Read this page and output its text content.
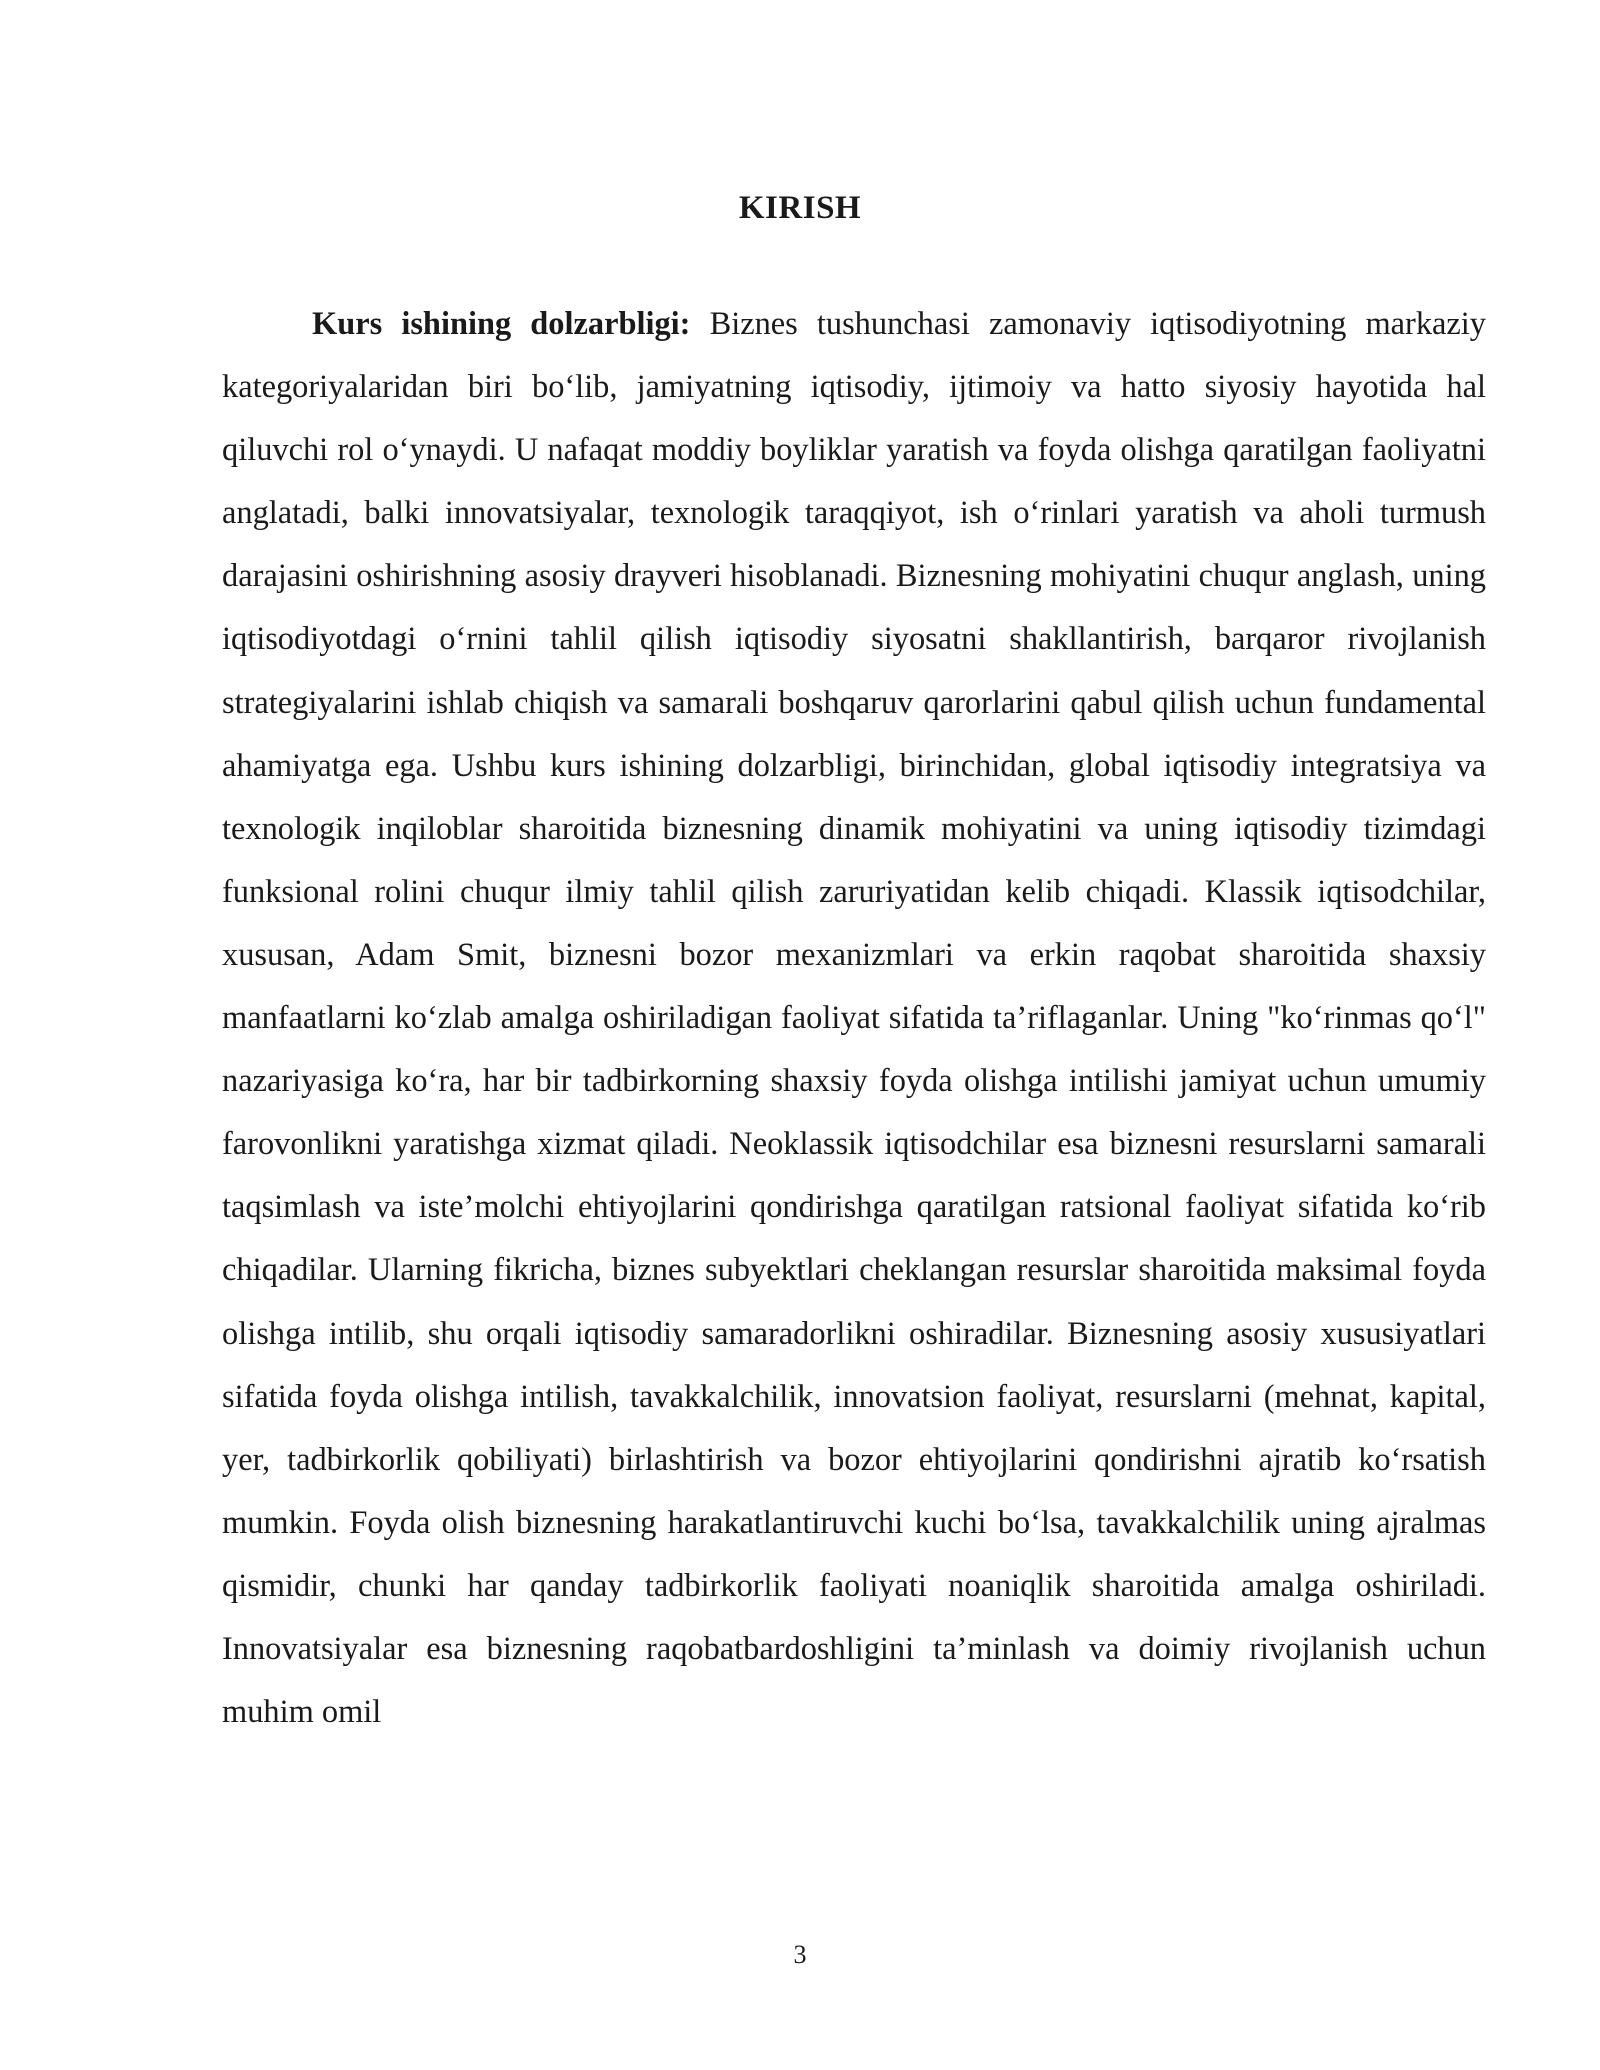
KIRISH

Kurs ishining dolzarbligi: Biznes tushunchasi zamonaviy iqtisodiyotning markaziy kategoriyalaridan biri bo‘lib, jamiyatning iqtisodiy, ijtimoiy va hatto siyosiy hayotida hal qiluvchi rol o‘ynaydi. U nafaqat moddiy boyliklar yaratish va foyda olishga qaratilgan faoliyatni anglatadi, balki innovatsiyalar, texnologik taraqqiyot, ish o‘rinlari yaratish va aholi turmush darajasini oshirishning asosiy drayveri hisoblanadi. Biznesning mohiyatini chuqur anglash, uning iqtisodiyotdagi o‘rnini tahlil qilish iqtisodiy siyosatni shakllantirish, barqaror rivojlanish strategiyalarini ishlab chiqish va samarali boshqaruv qarorlarini qabul qilish uchun fundamental ahamiyatga ega. Ushbu kurs ishining dolzarbligi, birinchidan, global iqtisodiy integratsiya va texnologik inqiloblar sharoitida biznesning dinamik mohiyatini va uning iqtisodiy tizimdagi funksional rolini chuqur ilmiy tahlil qilish zaruriyatidan kelib chiqadi. Klassik iqtisodchilar, xususan, Adam Smit, biznesni bozor mexanizmlari va erkin raqobat sharoitida shaxsiy manfaatlarni ko‘zlab amalga oshiriladigan faoliyat sifatida ta’riflaganlar. Uning "ko‘rinmas qo‘l" nazariyasiga ko‘ra, har bir tadbirkorning shaxsiy foyda olishga intilishi jamiyat uchun umumiy farovonlikni yaratishga xizmat qiladi. Neoklassik iqtisodchilar esa biznesni resurslarni samarali taqsimlash va iste’molchi ehtiyojlarini qondirishga qaratilgan ratsional faoliyat sifatida ko‘rib chiqadilar. Ularning fikricha, biznes subyektlari cheklangan resurslar sharoitida maksimal foyda olishga intilib, shu orqali iqtisodiy samaradorlikni oshiradilar. Biznesning asosiy xususiyatlari sifatida foyda olishga intilish, tavakkalchilik, innovatsion faoliyat, resurslarni (mehnat, kapital, yer, tadbirkorlik qobiliyati) birlashtirish va bozor ehtiyojlarini qondirishni ajratib ko‘rsatish mumkin. Foyda olish biznesning harakatlantiruvchi kuchi bo‘lsa, tavakkalchilik uning ajralmas qismidir, chunki har qanday tadbirkorlik faoliyati noaniqlik sharoitida amalga oshiriladi. Innovatsiyalar esa biznesning raqobatbardoshligini ta’minlash va doimiy rivojlanish uchun muhim omil

3
